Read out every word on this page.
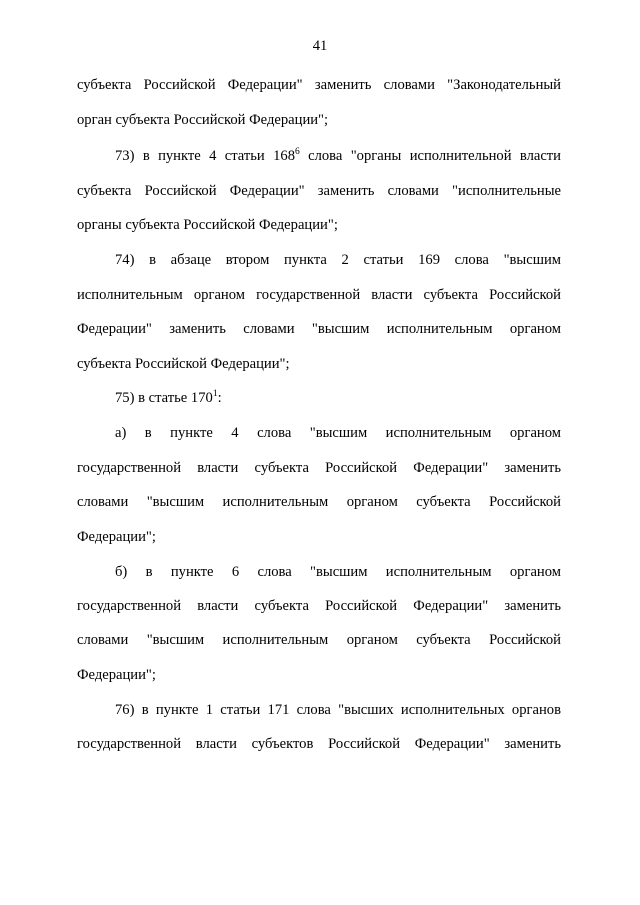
41
субъекта Российской Федерации" заменить словами "Законодательный
орган субъекта Российской Федерации";
73) в пункте 4 статьи $168^6$ слова "органы исполнительной власти
субъекта Российской Федерации" заменить словами "исполнительные
органы субъекта Российской Федерации";
74) в абзаце втором пункта 2 статьи 169 слова "высшим
исполнительным органом государственной власти субъекта Российской
Федерации" заменить словами "высшим исполнительным органом
субъекта Российской Федерации";
75) в статье $170^1$:
а) в пункте 4 слова "высшим исполнительным органом
государственной власти субъекта Российской Федерации" заменить
словами "высшим исполнительным органом субъекта Российской
Федерации";
б) в пункте 6 слова "высшим исполнительным органом
государственной власти субъекта Российской Федерации" заменить
словами "высшим исполнительным органом субъекта Российской
Федерации";
76) в пункте 1 статьи 171 слова "высших исполнительных органов
государственной власти субъектов Российской Федерации" заменить
